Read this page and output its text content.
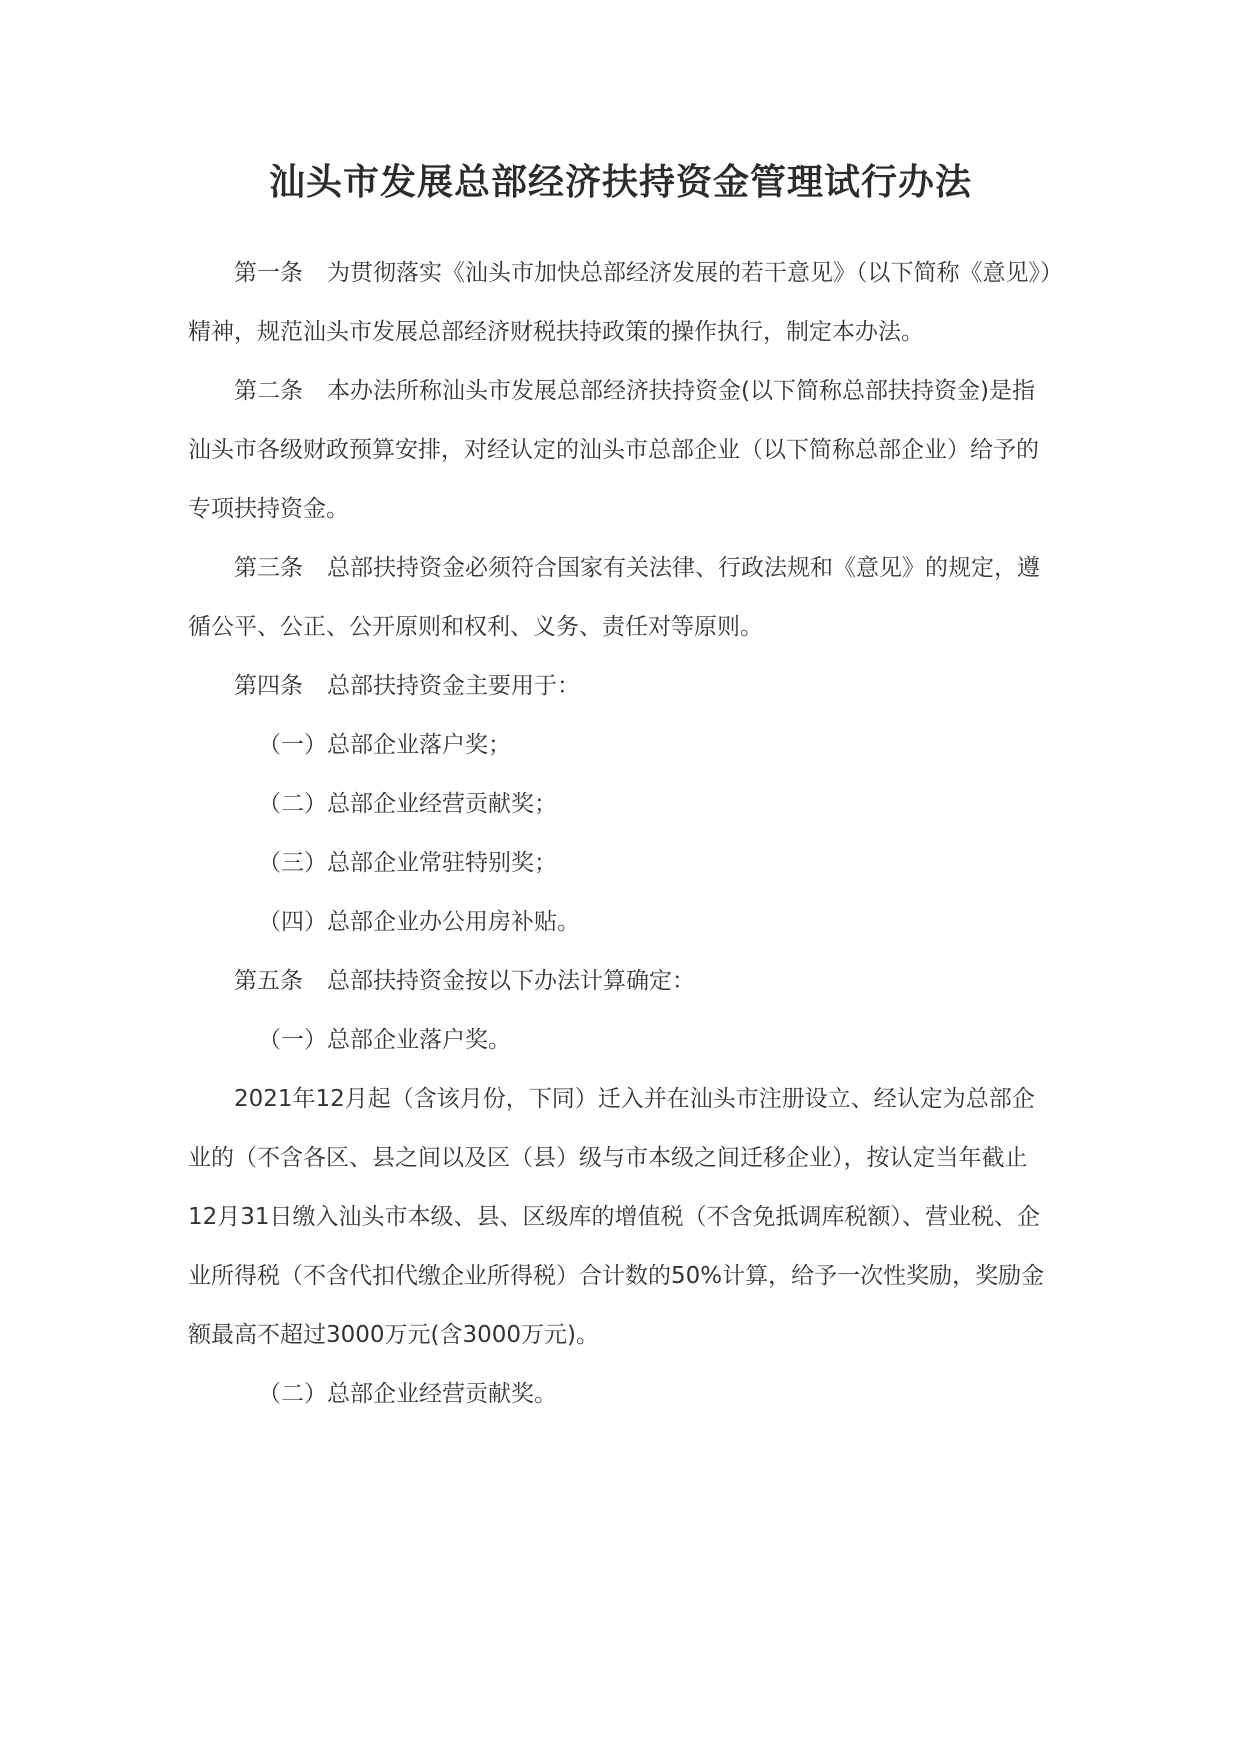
汕头市发展总部经济扶持资金管理试行办法

第一条 为贯彻落实《汕头市加快总部经济发展的若干意见》（以下简称《意见》）精神，规范汕头市发展总部经济财税扶持政策的操作执行，制定本办法。

第二条 本办法所称汕头市发展总部经济扶持资金(以下简称总部扶持资金)是指汕头市各级财政预算安排，对经认定的汕头市总部企业（以下简称总部企业）给予的专项扶持资金。

第三条 总部扶持资金必须符合国家有关法律、行政法规和《意见》的规定，遵循公平、公正、公开原则和权利、义务、责任对等原则。

第四条 总部扶持资金主要用于：

（一）总部企业落户奖；

（二）总部企业经营贡献奖；

（三）总部企业常驻特别奖；

（四）总部企业办公用房补贴。

第五条 总部扶持资金按以下办法计算确定：

（一）总部企业落户奖。

2021年12月起（含该月份，下同）迁入并在汕头市注册设立、经认定为总部企业的（不含各区、县之间以及区（县）级与市本级之间迁移企业），按认定当年截止12月31日缴入汕头市本级、县、区级库的增值税（不含免抵调库税额）、营业税、企业所得税（不含代扣代缴企业所得税）合计数的50%计算，给予一次性奖励，奖励金额最高不超过3000万元(含3000万元)。

（二）总部企业经营贡献奖。
